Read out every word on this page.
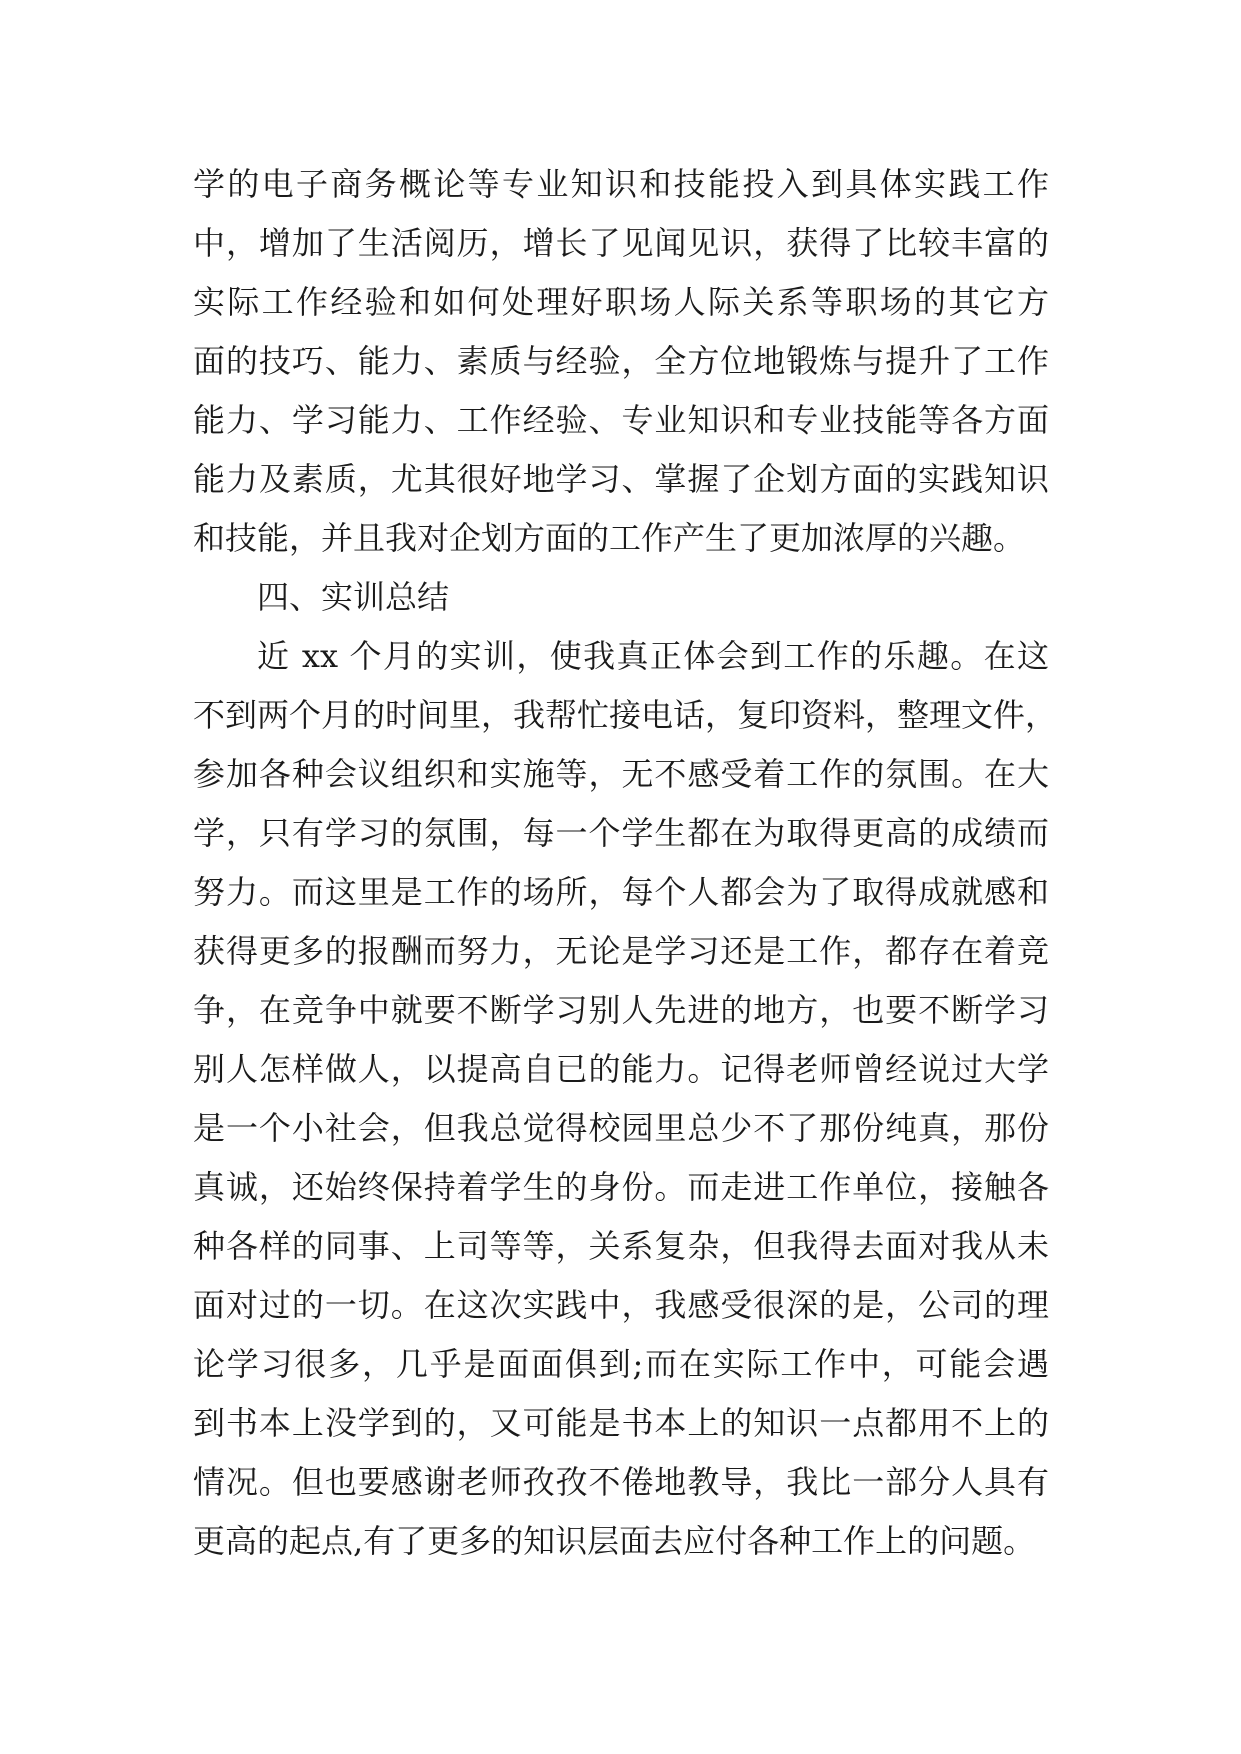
学的电子商务概论等专业知识和技能投入到具体实践工作
中，增加了生活阅历，增长了见闻见识，获得了比较丰富的
实际工作经验和如何处理好职场人际关系等职场的其它方
面的技巧、能力、素质与经验，全方位地锻炼与提升了工作
能力、学习能力、工作经验、专业知识和专业技能等各方面
能力及素质，尤其很好地学习、掌握了企划方面的实践知识
和技能，并且我对企划方面的工作产生了更加浓厚的兴趣。
四、实训总结
近 xx 个月的实训，使我真正体会到工作的乐趣。在这
不到两个月的时间里，我帮忙接电话，复印资料，整理文件，
参加各种会议组织和实施等，无不感受着工作的氛围。在大
学，只有学习的氛围，每一个学生都在为取得更高的成绩而
努力。而这里是工作的场所，每个人都会为了取得成就感和
获得更多的报酬而努力，无论是学习还是工作，都存在着竞
争，在竞争中就要不断学习别人先进的地方，也要不断学习
别人怎样做人，以提高自已的能力。记得老师曾经说过大学
是一个小社会，但我总觉得校园里总少不了那份纯真，那份
真诚，还始终保持着学生的身份。而走进工作单位，接触各
种各样的同事、上司等等，关系复杂，但我得去面对我从未
面对过的一切。在这次实践中，我感受很深的是，公司的理
论学习很多，几乎是面面俱到;而在实际工作中，可能会遇
到书本上没学到的，又可能是书本上的知识一点都用不上的
情况。但也要感谢老师孜孜不倦地教导，我比一部分人具有
更高的起点,有了更多的知识层面去应付各种工作上的问题。
